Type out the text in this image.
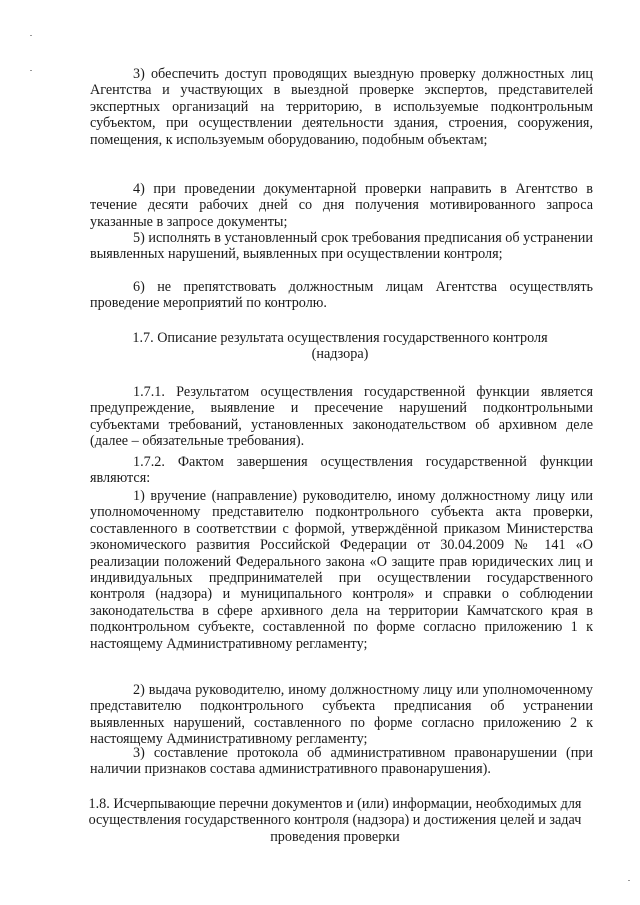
3) обеспечить доступ проводящих выездную проверку должностных лиц Агентства и участвующих в выездной проверке экспертов, представителей экспертных организаций на территорию, в используемые подконтрольным субъектом, при осуществлении деятельности здания, строения, сооружения, помещения, к используемым оборудованию, подобным объектам;

4) при проведении документарной проверки направить в Агентство в течение десяти рабочих дней со дня получения мотивированного запроса указанные в запросе документы;

5) исполнять в установленный срок требования предписания об устранении выявленных нарушений, выявленных при осуществлении контроля;

6) не препятствовать должностным лицам Агентства осуществлять проведение мероприятий по контролю.

1.7. Описание результата осуществления государственного контроля (надзора)

1.7.1. Результатом осуществления государственной функции является предупреждение, выявление и пресечение нарушений подконтрольными субъектами требований, установленных законодательством об архивном деле (далее – обязательные требования).

1.7.2. Фактом завершения осуществления государственной функции являются:

1) вручение (направление) руководителю, иному должностному лицу или уполномоченному представителю подконтрольного субъекта акта проверки, составленного в соответствии с формой, утверждённой приказом Министерства экономического развития Российской Федерации от 30.04.2009 № 141 «О реализации положений Федерального закона «О защите прав юридических лиц и индивидуальных предпринимателей при осуществлении государственного контроля (надзора) и муниципального контроля» и справки о соблюдении законодательства в сфере архивного дела на территории Камчатского края в подконтрольном субъекте, составленной по форме согласно приложению 1 к настоящему Административному регламенту;

2) выдача руководителю, иному должностному лицу или уполномоченному представителю подконтрольного субъекта предписания об устранении выявленных нарушений, составленного по форме согласно приложению 2 к настоящему Административному регламенту;

3) составление протокола об административном правонарушении (при наличии признаков состава административного правонарушения).

1.8. Исчерпывающие перечни документов и (или) информации, необходимых для осуществления государственного контроля (надзора) и достижения целей и задач проведения проверки
